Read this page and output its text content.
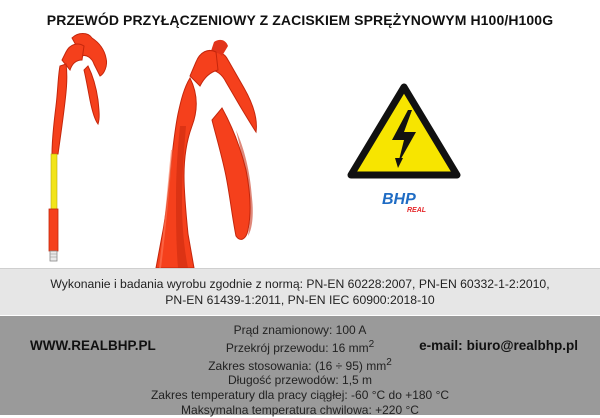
PRZEWÓD PRZYŁĄCZENIOWY Z ZACISKIEM SPRĘŻYNOWYM H100/H100G
BHP
REAL
Wykonanie i badania wyrobu zgodnie z normą: PN-EN 60228:2007, PN-EN 60332-1-2:2010,
PN-EN 61439-1:2011, PN-EN IEC 60900:2018-10
Prąd znamionowy: 100 A
Przekrój przewodu: 16 $mm^2$
Zakres stosowania: (16 ÷ 95) $mm^2$
Długość przewodów: 1,5 m
Zakres temperatury dla pracy ciągłej: -60 °C do +180 °C
Maksymalna temperatura chwilowa: +220 °C
WWW.REALBHP.PL	e-mail: biuro@realbhp.pl
